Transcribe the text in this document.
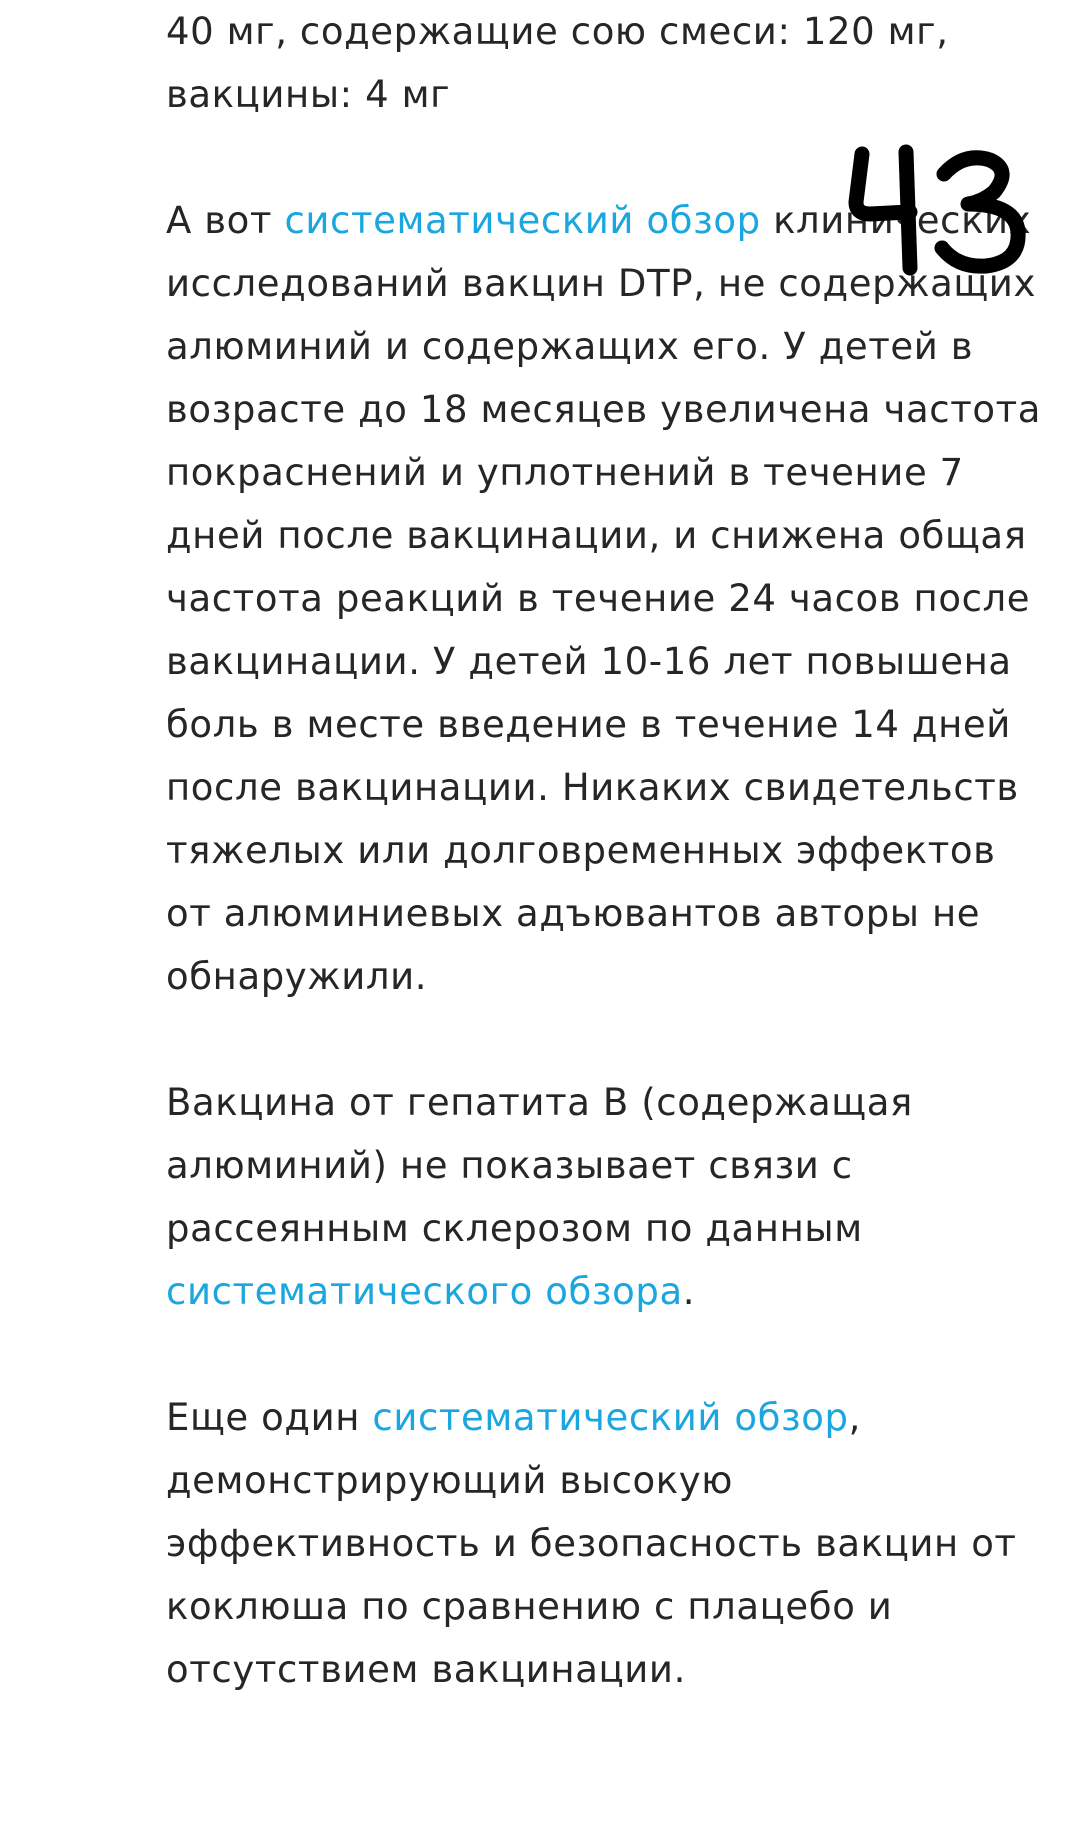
40 мг, содержащие сою смеси: 120 мг, вакцины: 4 мг

А вот систематический обзор клинических исследований вакцин DTP, не содержащих алюминий и содержащих его. У детей в возрасте до 18 месяцев увеличена частота покраснений и уплотнений в течение 7 дней после вакцинации, и снижена общая частота реакций в течение 24 часов после вакцинации. У детей 10-16 лет повышена боль в месте введение в течение 14 дней после вакцинации. Никаких свидетельств тяжелых или долговременных эффектов от алюминиевых адъювантов авторы не обнаружили.

Вакцина от гепатита B (содержащая алюминий) не показывает связи с рассеянным склерозом по данным систематического обзора.

Еще один систематический обзор, демонстрирующий высокую эффективность и безопасность вакцин от коклюша по сравнению с плацебо и отсутствием вакцинации.
